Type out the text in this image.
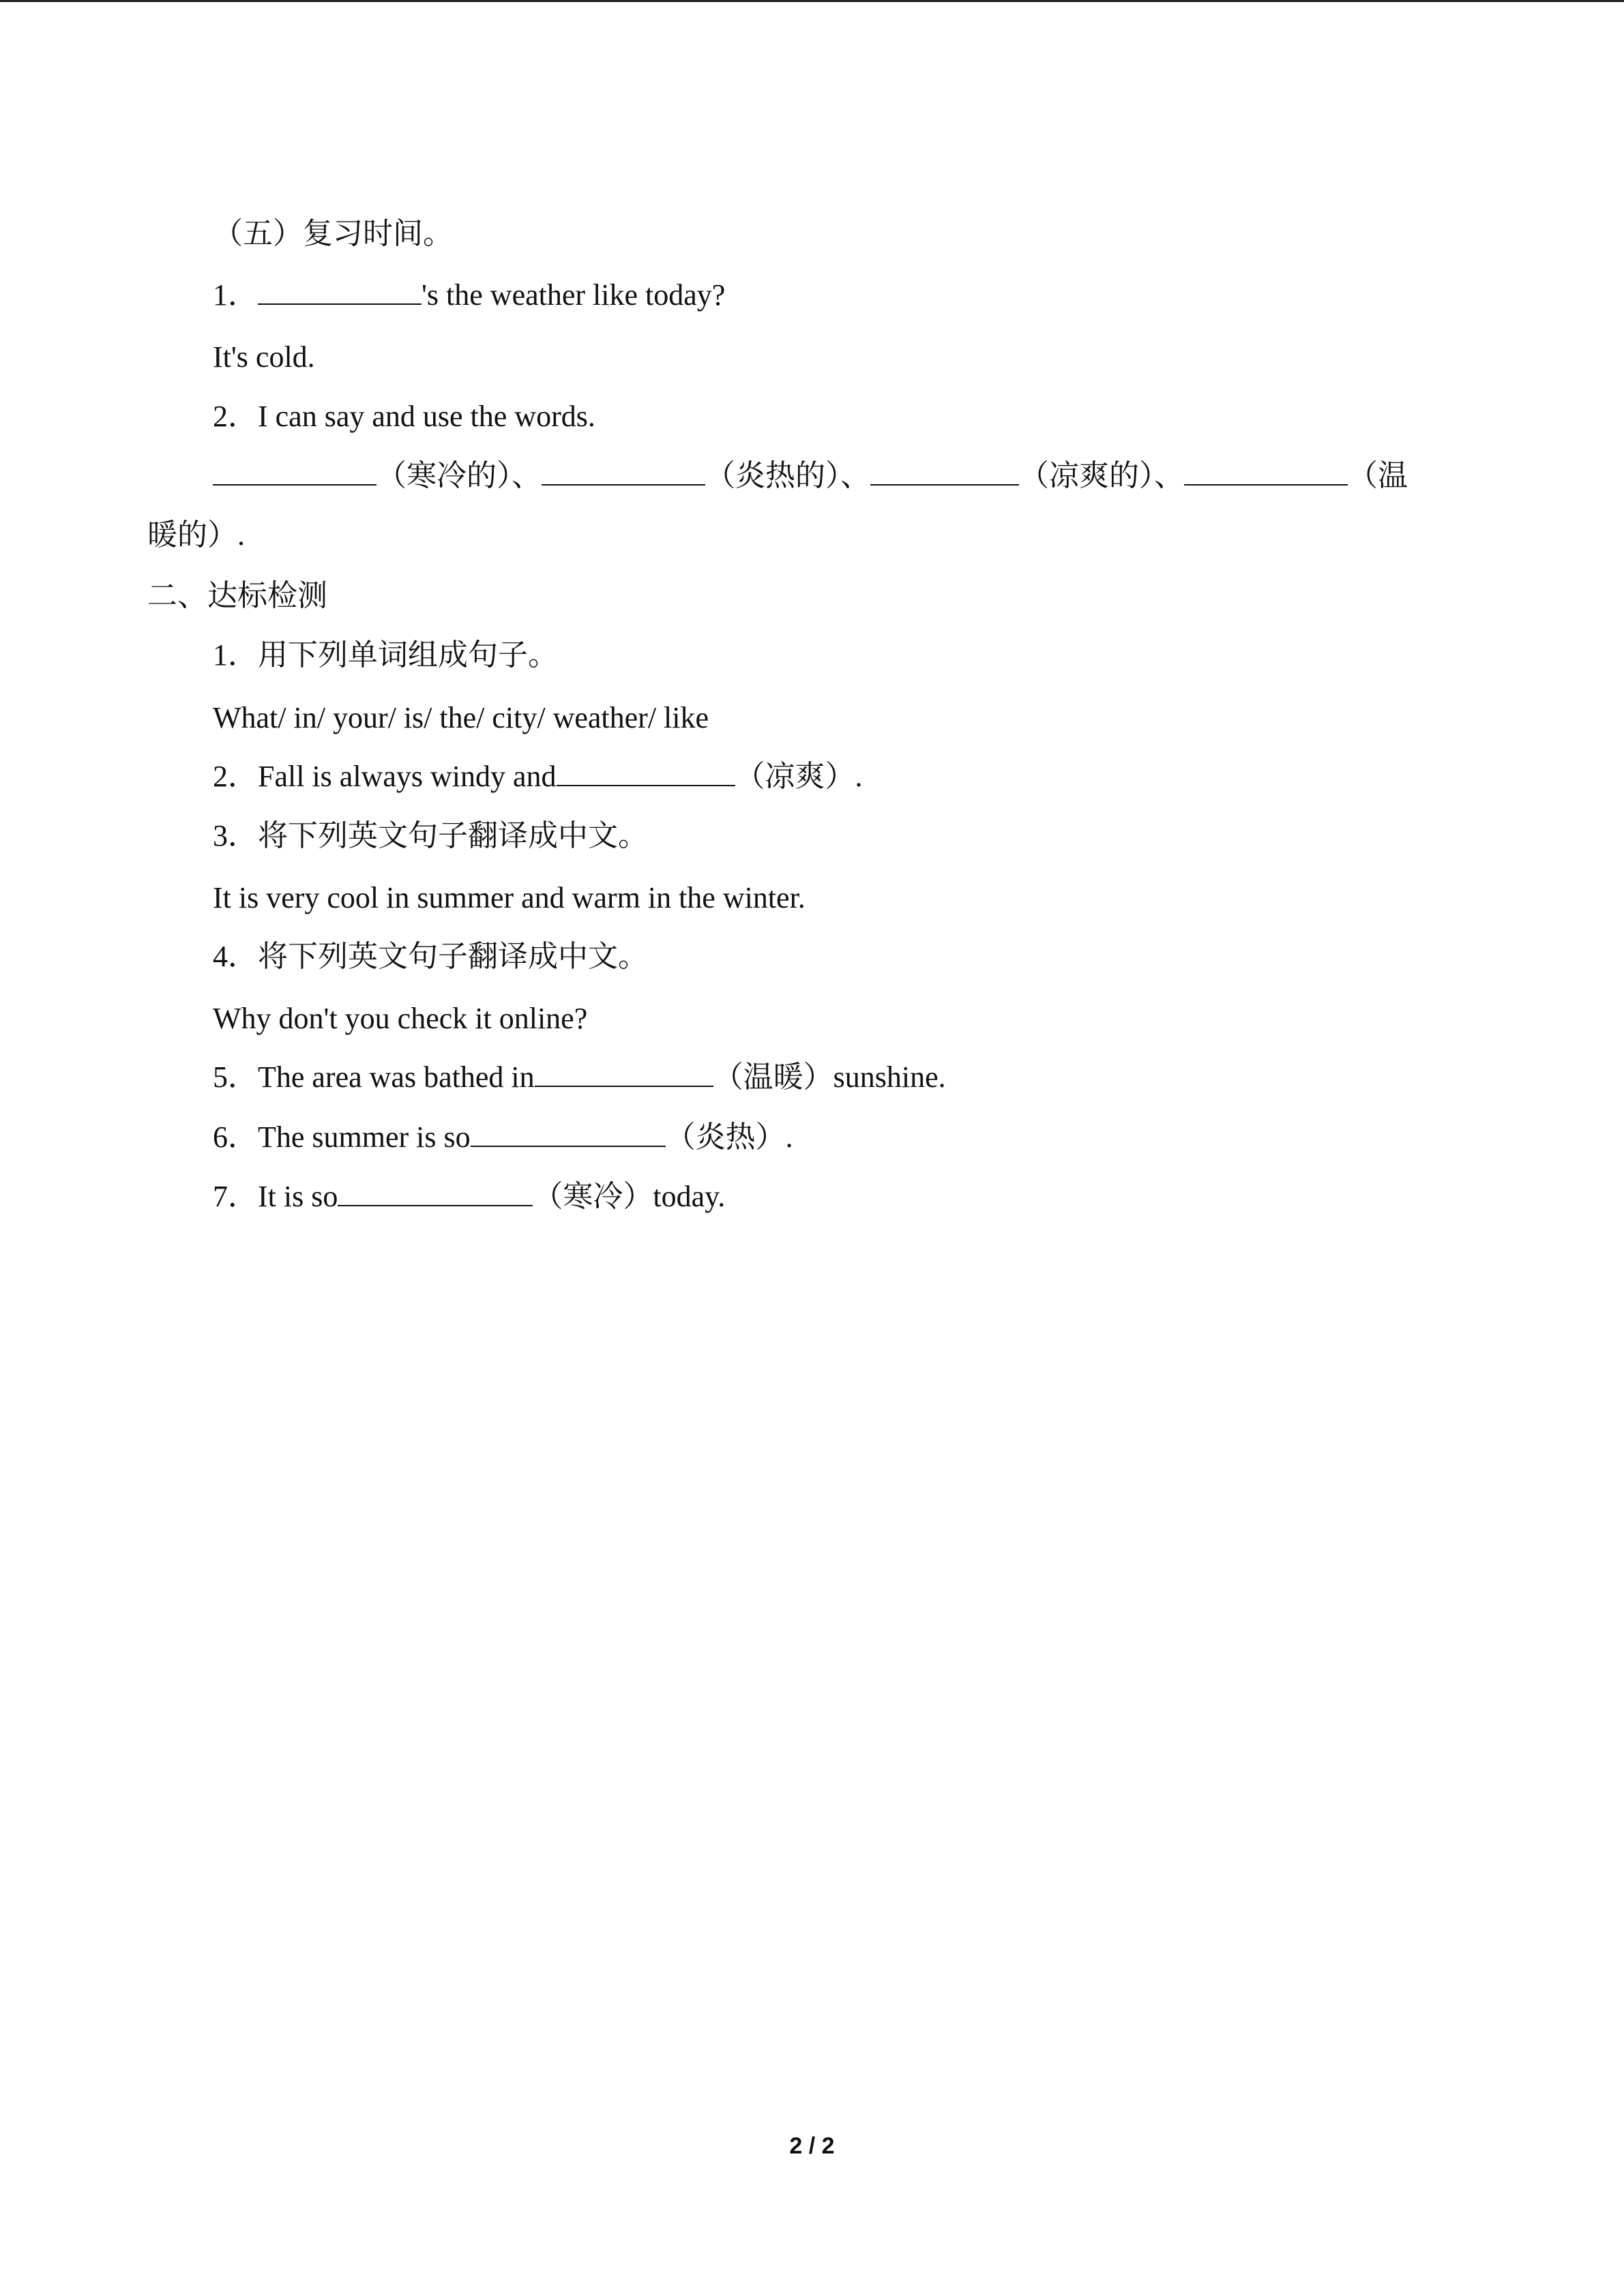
（五）复习时间。
1．	's the weather like today?
It's cold.
2．I can say and use the words.
（寒冷的）、	（炎热的）、	（凉爽的）、	（温
暖的）.
二、达标检测
1．用下列单词组成句子。
What/ in/ your/ is/ the/ city/ weather/ like
2．Fall is always windy and	（凉爽）.
3．将下列英文句子翻译成中文。
It is very cool in summer and warm in the winter.
4．将下列英文句子翻译成中文。
Why don't you check it online?
5．The area was bathed in	（温暖）sunshine.
6．The summer is so	（炎热）.
7．It is so	（寒冷）today.
2 / 2
